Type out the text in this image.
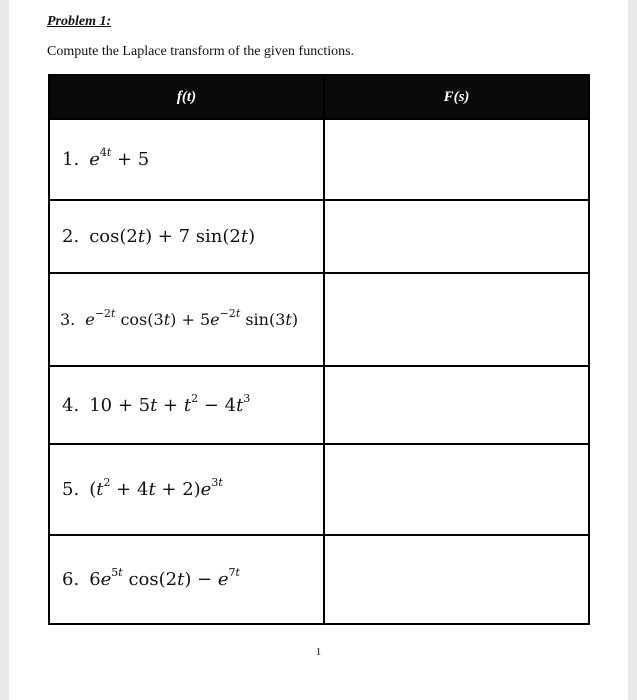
Problem 1:
Compute the Laplace transform of the given functions.
f(t)	F(s)
1. $e^{4t} + 5$	
2. cos(2t) + 7 sin(2t)	
3. $e^{-2t}$ $\cos(3t) + 5e^{-2t}$ sin(3t)	
4. $10 + 5t + t^2 - 4t^3$	
5. $(t^2 + 4t + 2)e^{3t}$	
6. $6e^{5t}$ $\cos(2t) - e^{7t}$	
1
